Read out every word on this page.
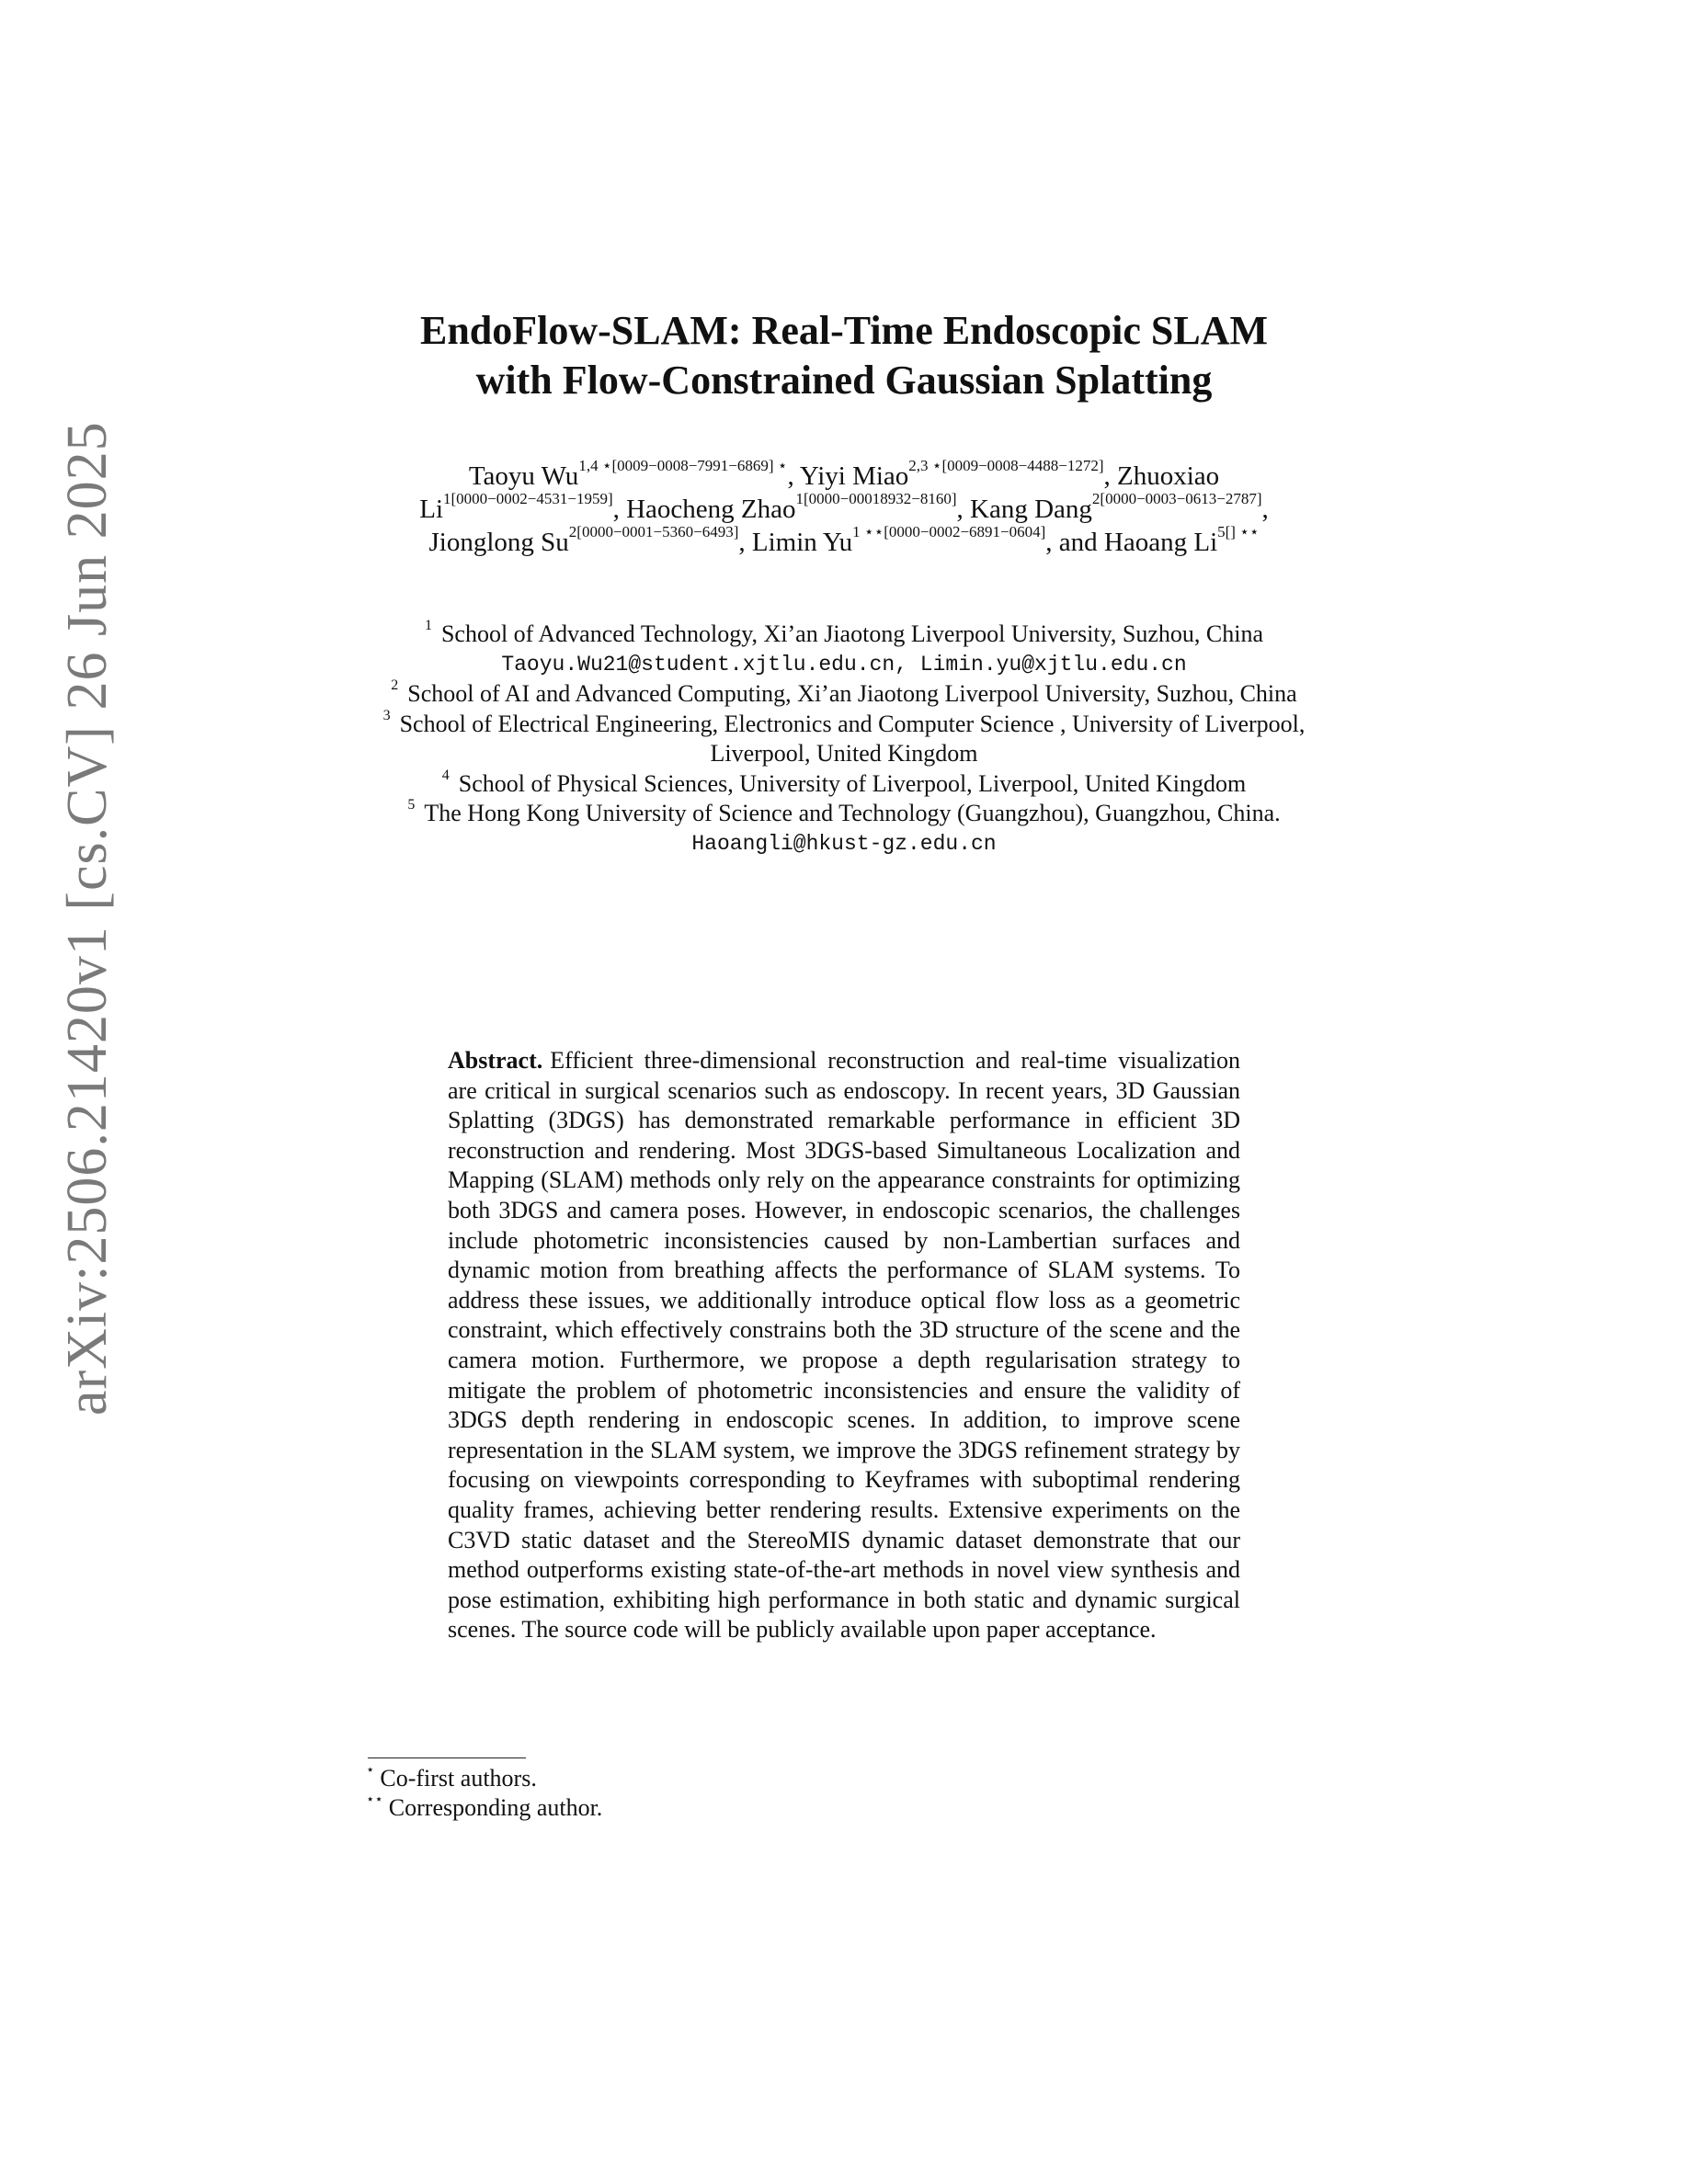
arXiv:2506.21420v1 [cs.CV] 26 Jun 2025
EndoFlow-SLAM: Real-Time Endoscopic SLAM
with Flow-Constrained Gaussian Splatting
Taoyu $Wu^{1,4 ⋆[0009-0008-7991-6869] ⋆}$, Yiyi Miao$^{2,3 ⋆[0009-0008-4488-1272]}$, Zhuoxiao $Li^{1[0000-0002-4531-1959]}$, Haocheng Zhao$^{1[0000-00018932-8160]}$, Kang Dang$^{2[0000-0003-0613-2787]}$, Jionglong $Su^{2[0000-0001-5360-6493]}$, Limin $Yu^{1 ⋆⋆[0000-0002-6891-0604]}$, and Haoang $Li^{5[] ⋆⋆}$
$^1$ School of Advanced Technology, Xi’an Jiaotong Liverpool University, Suzhou, China
Taoyu.Wu21@student.xjtlu.edu.cn, Limin.yu@xjtlu.edu.cn
$^2$ School of AI and Advanced Computing, Xi’an Jiaotong Liverpool University, Suzhou, China
$^3$ School of Electrical Engineering, Electronics and Computer Science , University of Liverpool, Liverpool, United Kingdom
$^4$ School of Physical Sciences, University of Liverpool, Liverpool, United Kingdom
$^5$ The Hong Kong University of Science and Technology (Guangzhou), Guangzhou, China.
Haoangli@hkust-gz.edu.cn
Abstract. Efficient three-dimensional reconstruction and real-time visualization are critical in surgical scenarios such as endoscopy. In recent years, 3D Gaussian Splatting (3DGS) has demonstrated remarkable performance in efficient 3D reconstruction and rendering. Most 3DGS-based Simultaneous Localization and Mapping (SLAM) methods only rely on the appearance constraints for optimizing both 3DGS and camera poses. However, in endoscopic scenarios, the challenges include photometric inconsistencies caused by non-Lambertian surfaces and dynamic motion from breathing affects the performance of SLAM systems. To address these issues, we additionally introduce optical flow loss as a geometric constraint, which effectively constrains both the 3D structure of the scene and the camera motion. Furthermore, we propose a depth regularisation strategy to mitigate the problem of photometric inconsistencies and ensure the validity of 3DGS depth rendering in endoscopic scenes. In addition, to improve scene representation in the SLAM system, we improve the 3DGS refinement strategy by focusing on viewpoints corresponding to Keyframes with suboptimal rendering quality frames, achieving better rendering results. Extensive experiments on the C3VD static dataset and the StereoMIS dynamic dataset demonstrate that our method outperforms existing state-of-the-art methods in novel view synthesis and pose estimation, exhibiting high performance in both static and dynamic surgical scenes. The source code will be publicly available upon paper acceptance.
⋆ Co-first authors.
⋆⋆ Corresponding author.
